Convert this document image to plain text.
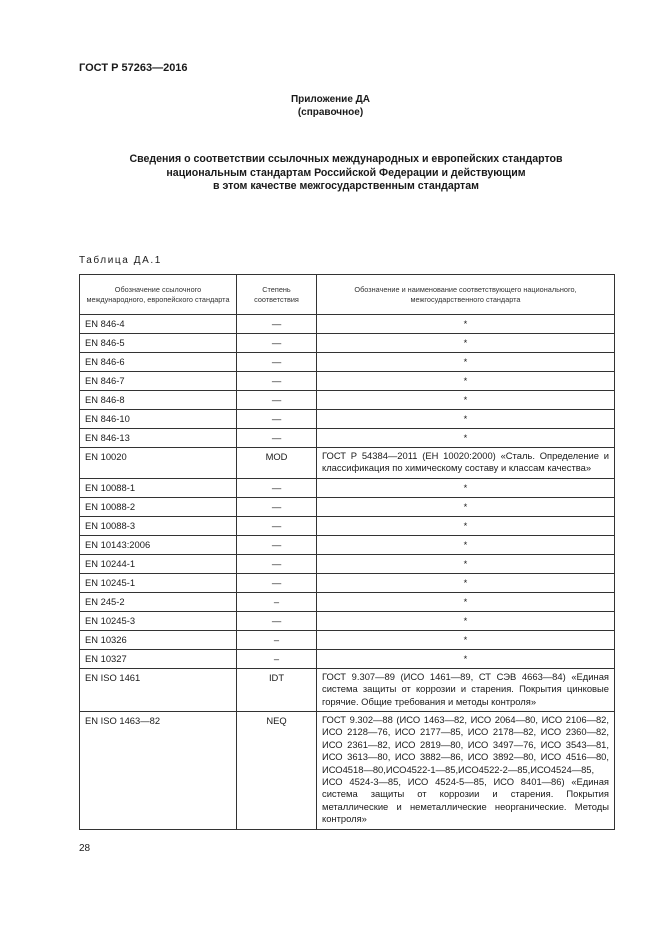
ГОСТ Р 57263—2016
Приложение ДА
(справочное)
Сведения о соответствии ссылочных международных и европейских стандартов
национальным стандартам Российской Федерации и действующим
в этом качестве межгосударственным стандартам
Таблица ДА.1
Обозначение ссылочного международного, европейского стандарта	Степень соответствия	Обозначение и наименование соответствующего национального, межгосударственного стандарта
EN 846-4	—	*
EN 846-5	—	*
EN 846-6	—	*
EN 846-7	—	*
EN 846-8	—	*
EN 846-10	—	*
EN 846-13	—	*
EN 10020	MOD	ГОСТ Р 54384—2011 (ЕН 10020:2000) «Сталь. Определение и классификация по химическому составу и классам качества»
EN 10088-1	—	*
EN 10088-2	—	*
EN 10088-3	—	*
EN 10143:2006	—	*
EN 10244-1	—	*
EN 10245-1	—	*
EN 245-2	–	*
EN 10245-3	—	*
EN 10326	–	*
EN 10327	–	*
EN ISO 1461	IDT	ГОСТ 9.307—89 (ИСО 1461—89, СТ СЭВ 4663—84) «Единая система защиты от коррозии и старения. Покрытия цинковые горячие. Общие требования и методы контроля»
EN ISO 1463—82	NEQ	ГОСТ 9.302—88 (ИСО 1463—82, ИСО 2064—80, ИСО 2106—82, ИСО 2128—76, ИСО 2177—85, ИСО 2178—82, ИСО 2360—82, ИСО 2361—82, ИСО 2819—80, ИСО 3497—76, ИСО 3543—81, ИСО 3613—80, ИСО 3882—86, ИСО 3892—80, ИСО 4516—80, ИСО4518—80,ИСО4522-1—85,ИСО4522-2—85,ИСО4524—85, ИСО 4524-3—85, ИСО 4524-5—85, ИСО 8401—86) «Единая система защиты от коррозии и старения. Покрытия металлические и неметаллические неорганические. Методы контроля»
28
